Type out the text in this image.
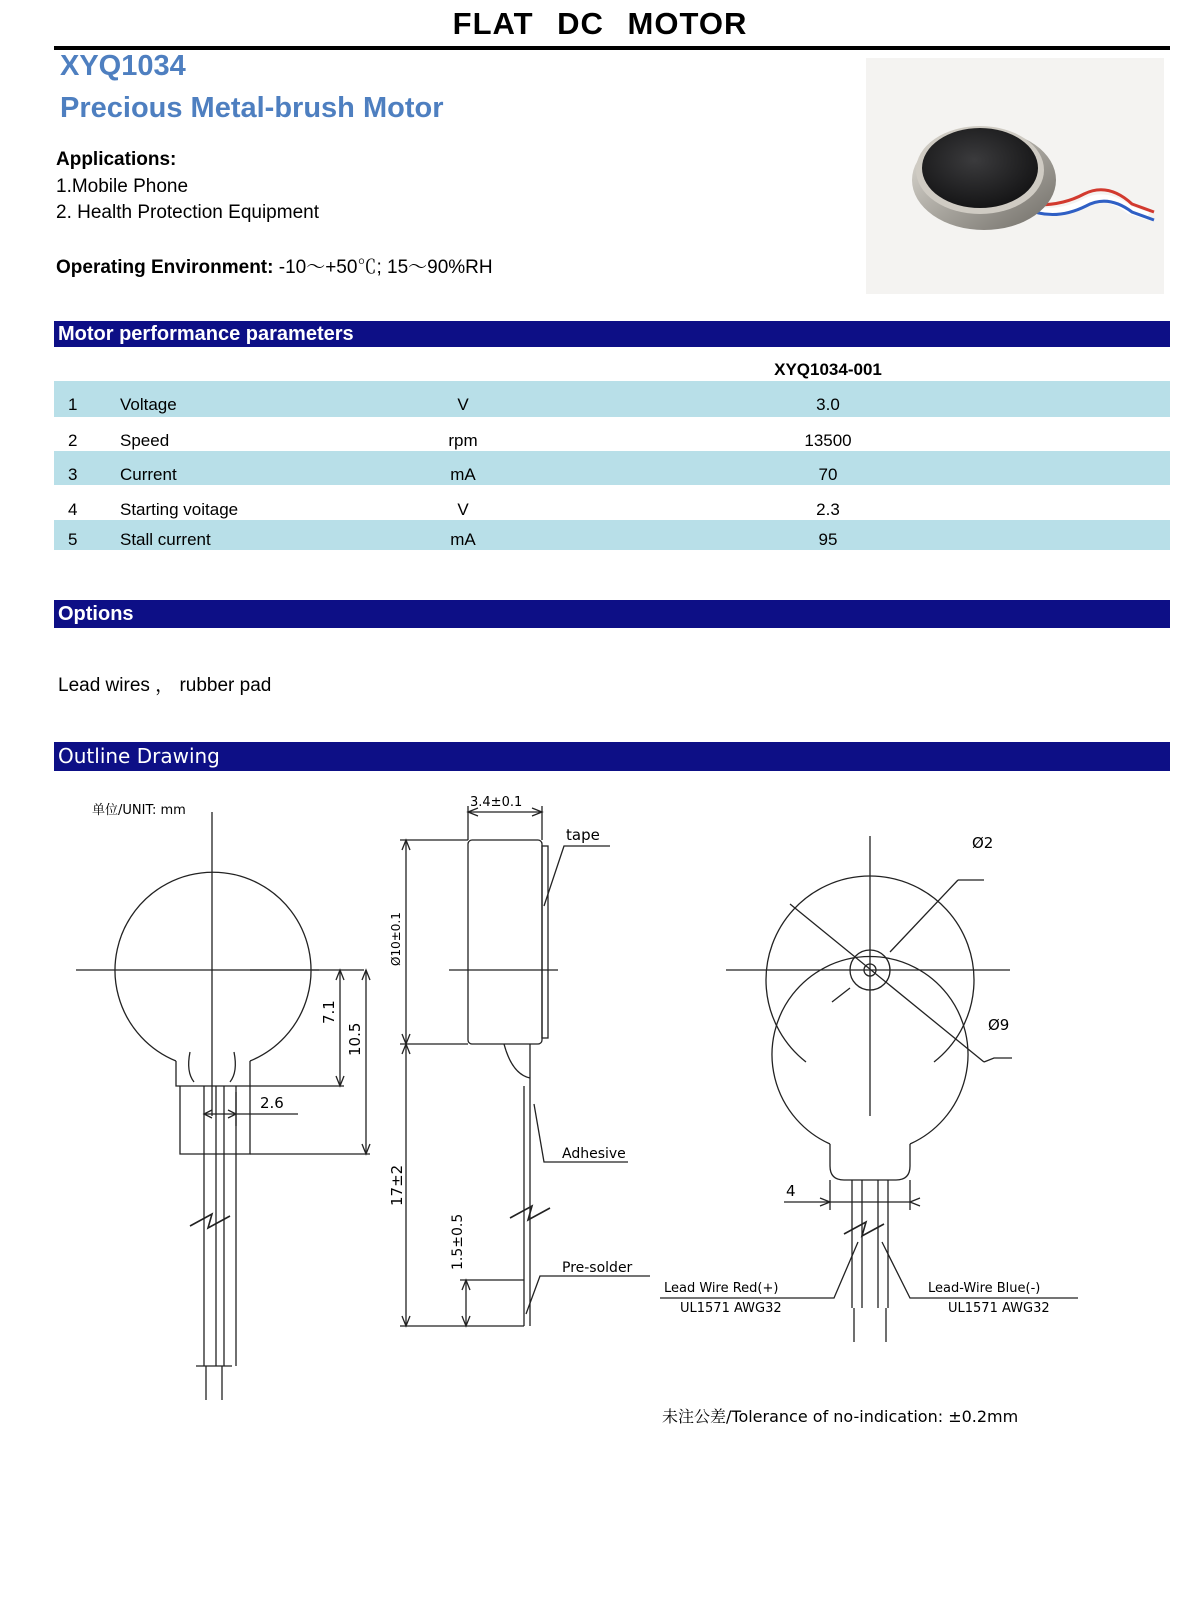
FLAT DC MOTOR
XYQ1034
Precious Metal-brush Motor
Applications:
1.Mobile Phone
2. Health Protection Equipment
Operating Environment: -10～+50℃; 15～90%RH
Motor performance parameters
XYQ1034-001
1	Voltage	V	3.0
2	Speed	rpm	13500
3	Current	mA	70
4	Starting voitage	V	2.3
5	Stall current	mA	95
Options
Lead wires ， rubber pad
Outline Drawing
单位/UNIT: mm
7.1
10.5
2.6
3.4±0.1
Ø10±0.1
17±2
1.5±0.5
Ø2
Ø9
4
tape
Adhesive
Pre-solder
Lead Wire Red(+)
UL1571 AWG32
Lead-Wire Blue(-)
UL1571 AWG32
未注公差/Tolerance of no-indication: ±0.2mm
